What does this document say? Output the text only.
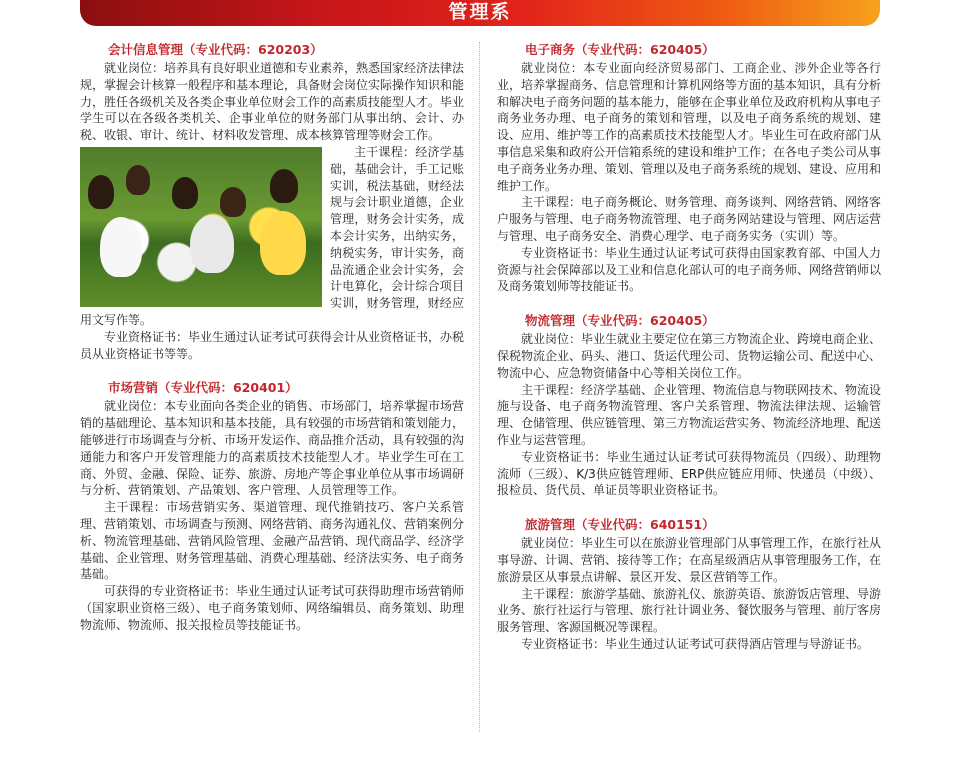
管理系
会计信息管理（专业代码：620203）

就业岗位：培养具有良好职业道德和专业素养，熟悉国家经济法律法规，掌握会计核算一般程序和基本理论，具备财会岗位实际操作知识和能力，胜任各级机关及各类企事业单位财会工作的高素质技能型人才。毕业学生可以在各级各类机关、企事业单位的财务部门从事出纳、会计、办税、收银、审计、统计、材料收发管理、成本核算管理等财会工作。

主干课程：经济学基础，基础会计，手工记账实训，税法基础，财经法规与会计职业道德，企业管理，财务会计实务，成本会计实务，出纳实务，纳税实务，审计实务，商品流通企业会计实务，会计电算化，会计综合项目实训，财务管理，财经应用文写作等。

专业资格证书：毕业生通过认证考试可获得会计从业资格证书，办税员从业资格证书等等。

市场营销（专业代码：620401）

就业岗位：本专业面向各类企业的销售、市场部门，培养掌握市场营销的基础理论、基本知识和基本技能，具有较强的市场营销和策划能力，能够进行市场调查与分析、市场开发运作、商品推介活动，具有较强的沟通能力和客户开发管理能力的高素质技术技能型人才。毕业学生可在工商、外贸、金融、保险、证券、旅游、房地产等企事业单位从事市场调研与分析、营销策划、产品策划、客户管理、人员管理等工作。

主干课程：市场营销实务、渠道管理、现代推销技巧、客户关系管理、营销策划、市场调查与预测、网络营销、商务沟通礼仪、营销案例分析、物流管理基础、营销风险管理、金融产品营销、现代商品学、经济学基础、企业管理、财务管理基础、消费心理基础、经济法实务、电子商务基础。

可获得的专业资格证书：毕业生通过认证考试可获得助理市场营销师（国家职业资格三级）、电子商务策划师、网络编辑员、商务策划、助理物流师、物流师、报关报检员等技能证书。

电子商务（专业代码：620405）

就业岗位：本专业面向经济贸易部门、工商企业、涉外企业等各行业，培养掌握商务、信息管理和计算机网络等方面的基本知识，具有分析和解决电子商务问题的基本能力，能够在企事业单位及政府机构从事电子商务业务办理、电子商务的策划和管理，以及电子商务系统的规划、建设、应用、维护等工作的高素质技术技能型人才。毕业生可在政府部门从事信息采集和政府公开信箱系统的建设和维护工作；在各电子类公司从事电子商务业务办理、策划、管理以及电子商务系统的规划、建设、应用和维护工作。

主干课程：电子商务概论、财务管理、商务谈判、网络营销、网络客户服务与管理、电子商务物流管理、电子商务网站建设与管理、网店运营与管理、电子商务安全、消费心理学、电子商务实务（实训）等。

专业资格证书：毕业生通过认证考试可获得由国家教育部、中国人力资源与社会保障部以及工业和信息化部认可的电子商务师、网络营销师以及商务策划师等技能证书。

物流管理（专业代码：620405）

就业岗位：毕业生就业主要定位在第三方物流企业、跨境电商企业、保税物流企业、码头、港口、货运代理公司、货物运输公司、配送中心、物流中心、应急物资储备中心等相关岗位工作。

主干课程：经济学基础、企业管理、物流信息与物联网技术、物流设施与设备、电子商务物流管理、客户关系管理、物流法律法规、运输管理、仓储管理、供应链管理、第三方物流运营实务、物流经济地理、配送作业与运营管理。

专业资格证书：毕业生通过认证考试可获得物流员（四级）、助理物流师（三级）、K/3供应链管理师、ERP供应链应用师、快递员（中级）、报检员、货代员、单证员等职业资格证书。

旅游管理（专业代码：640151）

就业岗位：毕业生可以在旅游业管理部门从事管理工作，在旅行社从事导游、计调、营销、接待等工作；在高星级酒店从事管理服务工作，在旅游景区从事景点讲解、景区开发、景区营销等工作。

主干课程：旅游学基础、旅游礼仪、旅游英语、旅游饭店管理、导游业务、旅行社运行与管理、旅行社计调业务、餐饮服务与管理、前厅客房服务管理、客源国概况等课程。

专业资格证书：毕业生通过认证考试可获得酒店管理与导游证书。
